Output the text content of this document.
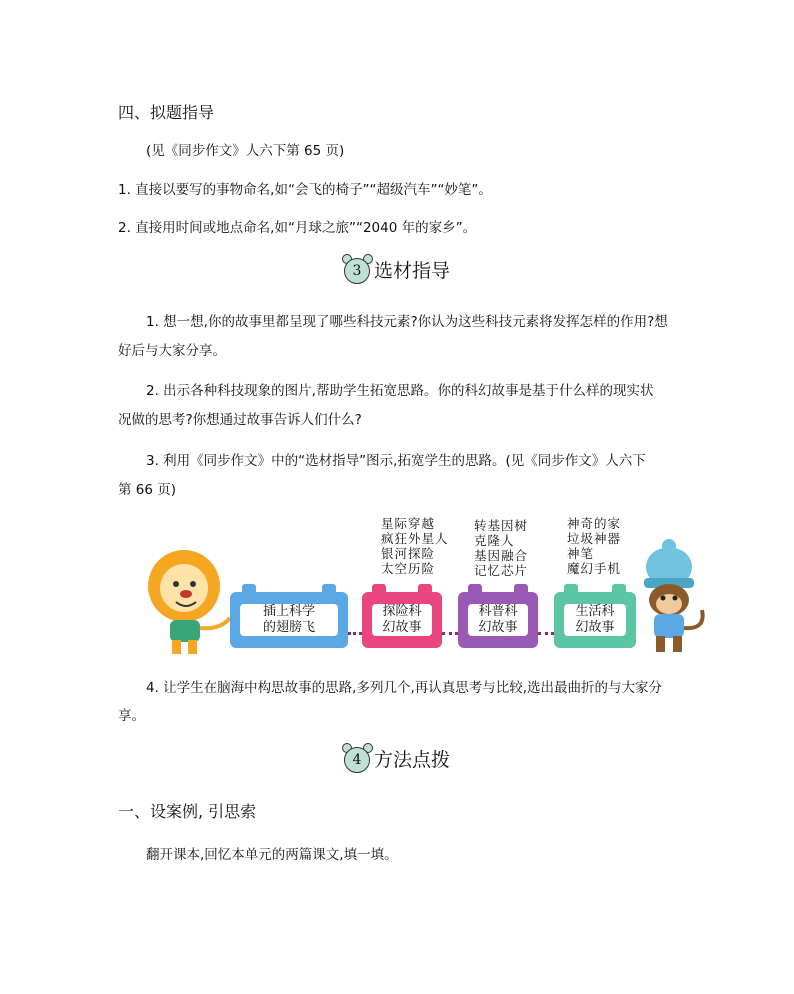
四、拟题指导
(见《同步作文》人六下第 65 页)
1. 直接以要写的事物命名,如“会飞的椅子”“超级汽车”“妙笔”。
2. 直接用时间或地点命名,如“月球之旅”“2040 年的家乡”。
3 选材指导
1. 想一想,你的故事里都呈现了哪些科技元素?你认为这些科技元素将发挥怎样的作用?想
好后与大家分享。
2. 出示各种科技现象的图片,帮助学生拓宽思路。你的科幻故事是基于什么样的现实状
况做的思考?你想通过故事告诉人们什么?
3. 利用《同步作文》中的“选材指导”图示,拓宽学生的思路。(见《同步作文》人六下
第 66 页)
插上科学
的翅膀飞
探险科
幻故事
科普科
幻故事
生活科
幻故事
星际穿越
疯狂外星人
银河探险
太空历险
转基因树
克隆人
基因融合
记忆芯片
神奇的家
垃圾神器
神笔
魔幻手机
4. 让学生在脑海中构思故事的思路,多列几个,再认真思考与比较,选出最曲折的与大家分
享。
4 方法点拨
一、设案例, 引思索
翻开课本,回忆本单元的两篇课文,填一填。
